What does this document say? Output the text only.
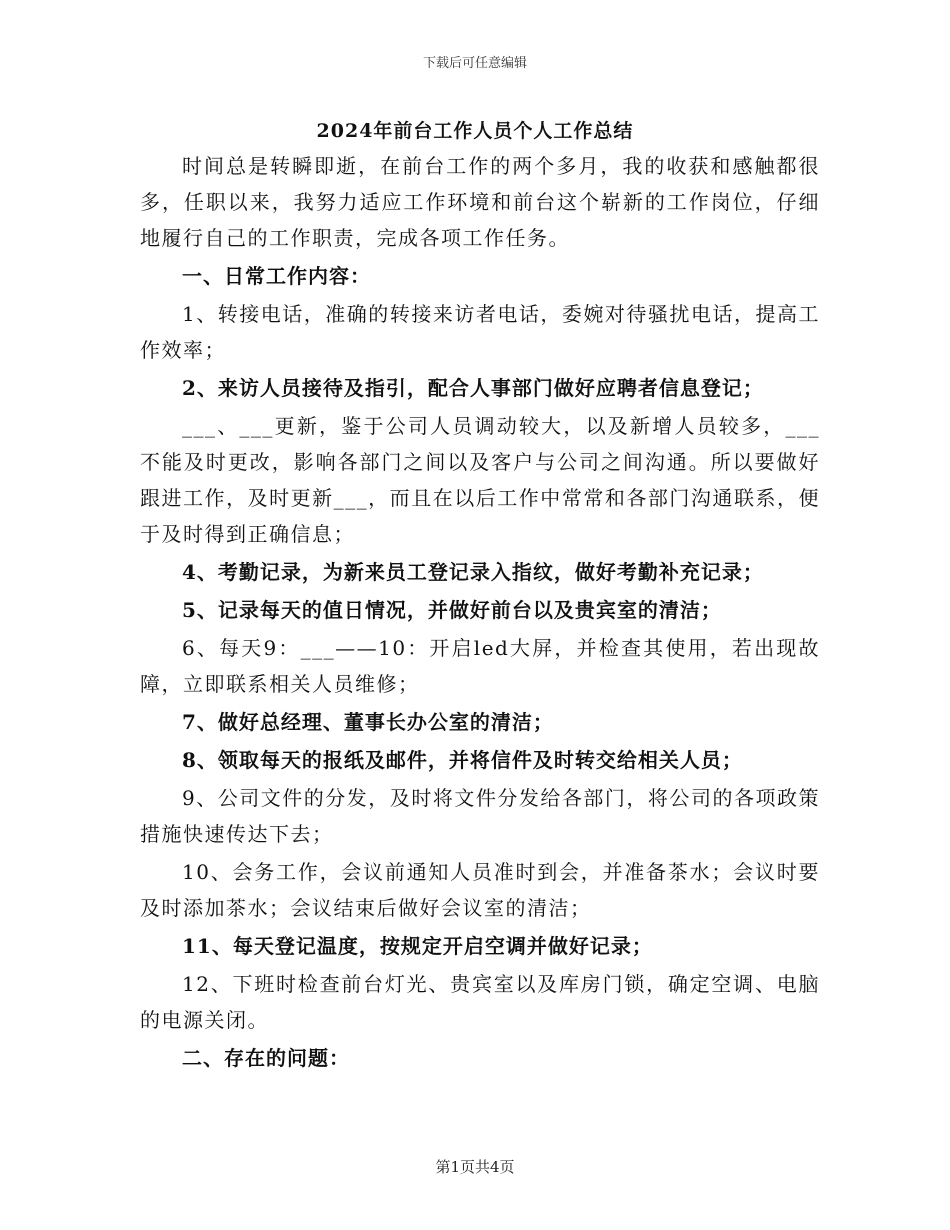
下载后可任意编辑
2024年前台工作人员个人工作总结

时间总是转瞬即逝，在前台工作的两个多月，我的收获和感触都很多，任职以来，我努力适应工作环境和前台这个崭新的工作岗位，仔细地履行自己的工作职责，完成各项工作任务。

一、日常工作内容：

1、转接电话，准确的转接来访者电话，委婉对待骚扰电话，提高工作效率；

2、来访人员接待及指引，配合人事部门做好应聘者信息登记；

___、___更新，鉴于公司人员调动较大，以及新增人员较多，___不能及时更改，影响各部门之间以及客户与公司之间沟通。所以要做好跟进工作，及时更新___，而且在以后工作中常常和各部门沟通联系，便于及时得到正确信息；

4、考勤记录，为新来员工登记录入指纹，做好考勤补充记录；

5、记录每天的值日情况，并做好前台以及贵宾室的清洁；

6、每天9：___——10：开启led大屏，并检查其使用，若出现故障，立即联系相关人员维修；

7、做好总经理、董事长办公室的清洁；

8、领取每天的报纸及邮件，并将信件及时转交给相关人员；

9、公司文件的分发，及时将文件分发给各部门，将公司的各项政策措施快速传达下去；

10、会务工作，会议前通知人员准时到会，并准备茶水；会议时要及时添加茶水；会议结束后做好会议室的清洁；

11、每天登记温度，按规定开启空调并做好记录；

12、下班时检查前台灯光、贵宾室以及库房门锁，确定空调、电脑的电源关闭。

二、存在的问题：

第1页共4页
